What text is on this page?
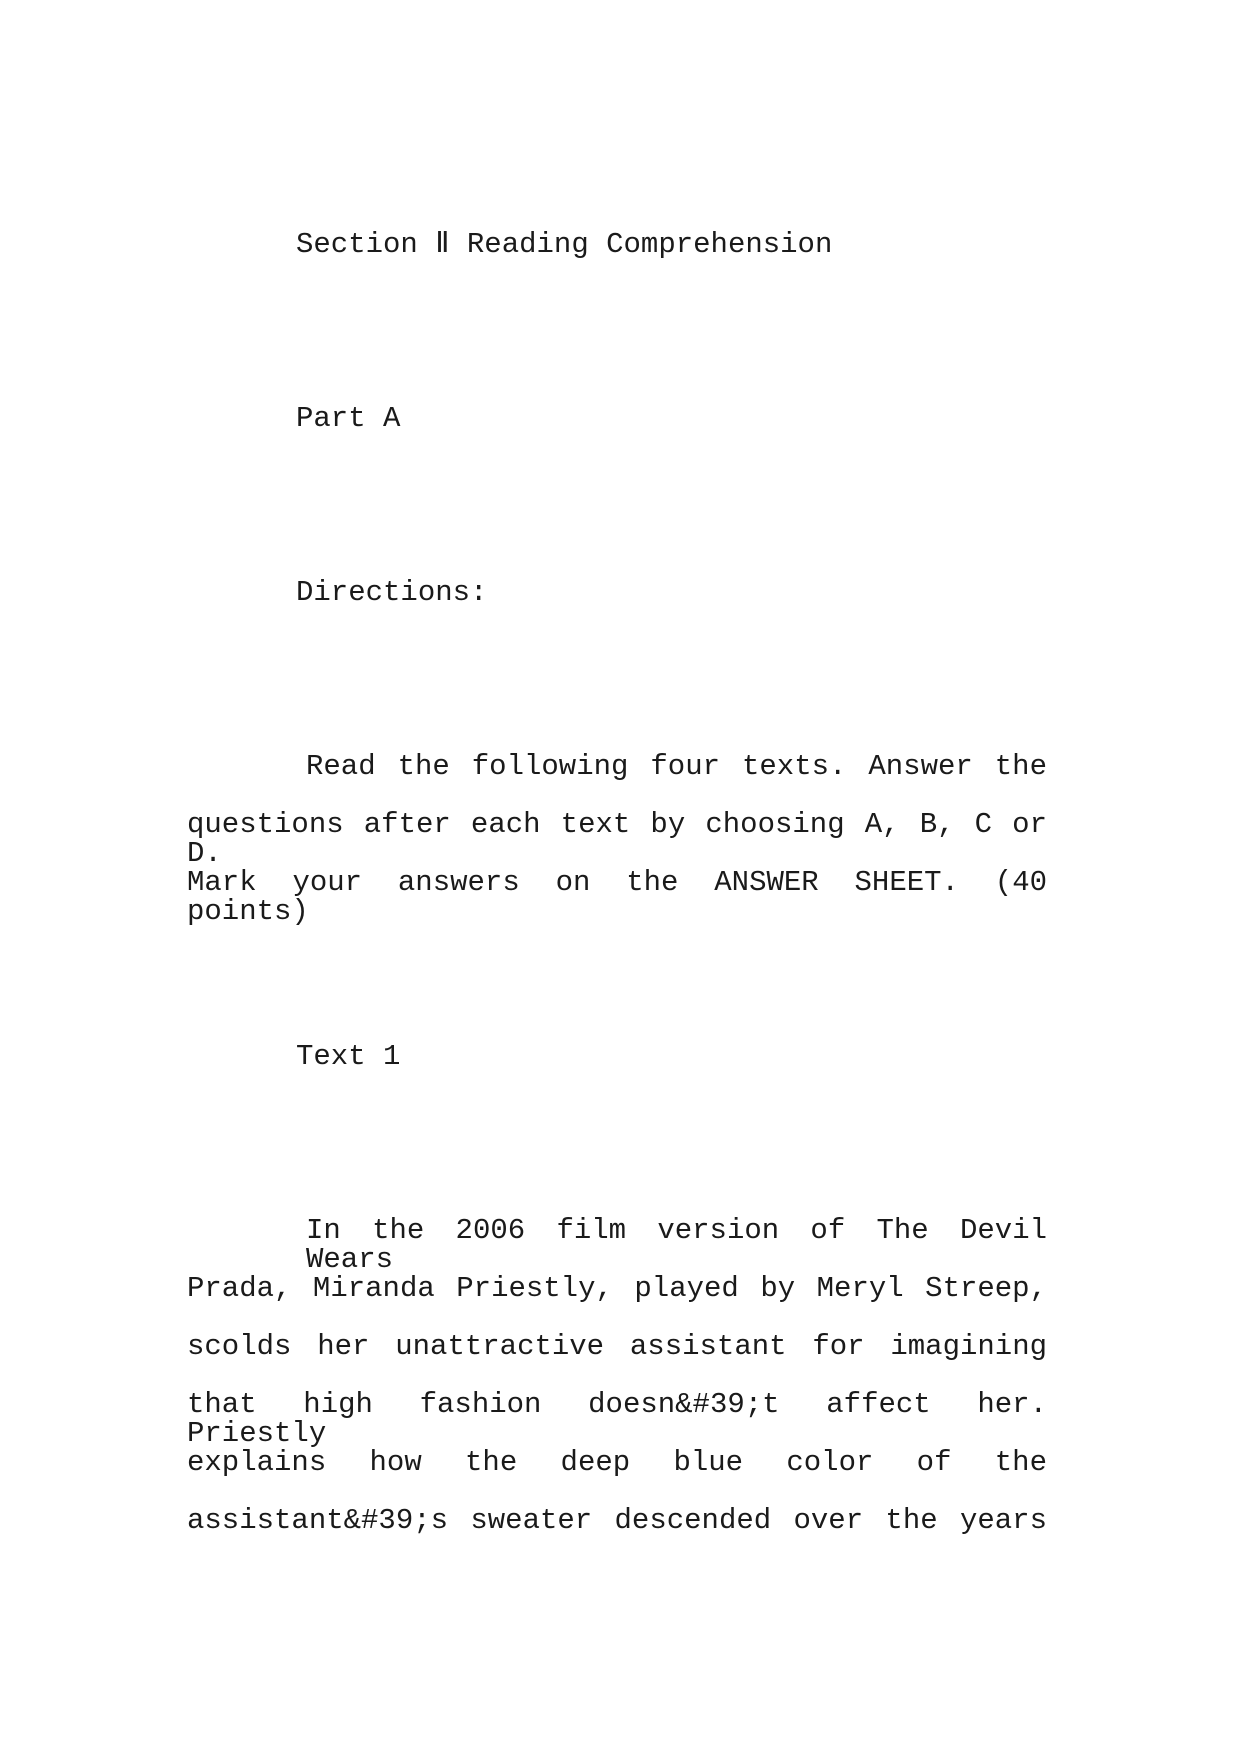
Section Ⅱ Reading Comprehension
Part A
Directions:
Read the following four texts. Answer the
questions after each text by choosing A, B, C or D.
Mark your answers on the ANSWER SHEET. (40 points)
Text 1
In the 2006 film version of The Devil Wears
Prada, Miranda Priestly, played by Meryl Streep,
scolds her unattractive assistant for imagining
that high fashion doesn&#39;t affect her. Priestly
explains how the deep blue color of the
assistant&#39;s sweater descended over the years
